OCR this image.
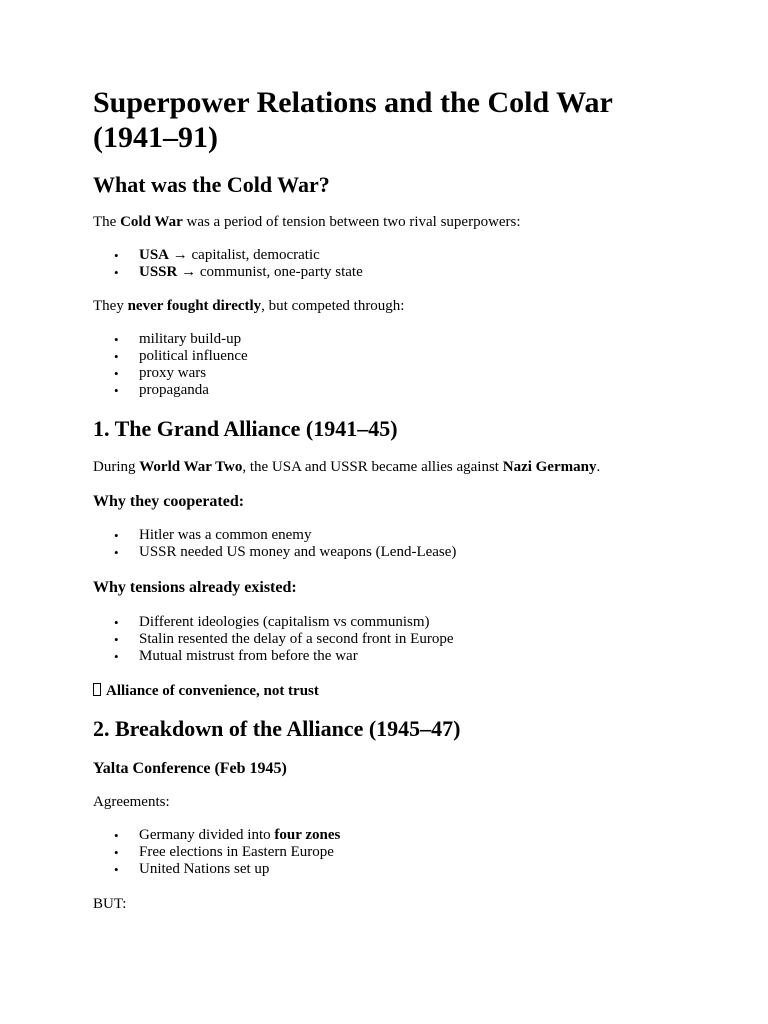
Superpower Relations and the Cold War (1941–91)
What was the Cold War?

The Cold War was a period of tension between two rival superpowers:

• USA → capitalist, democratic
• USSR → communist, one-party state

They never fought directly, but competed through:

• military build-up
• political influence
• proxy wars
• propaganda
1. The Grand Alliance (1941–45)

During World War Two, the USA and USSR became allies against Nazi Germany.

Why they cooperated:
• Hitler was a common enemy
• USSR needed US money and weapons (Lend-Lease)
Why tensions already existed:
• Different ideologies (capitalism vs communism)
• Stalin resented the delay of a second front in Europe
• Mutual mistrust from before the war

Alliance of convenience, not trust

2. Breakdown of the Alliance (1945–47)
Yalta Conference (Feb 1945)

Agreements:

• Germany divided into four zones
• Free elections in Eastern Europe
• United Nations set up

BUT:
